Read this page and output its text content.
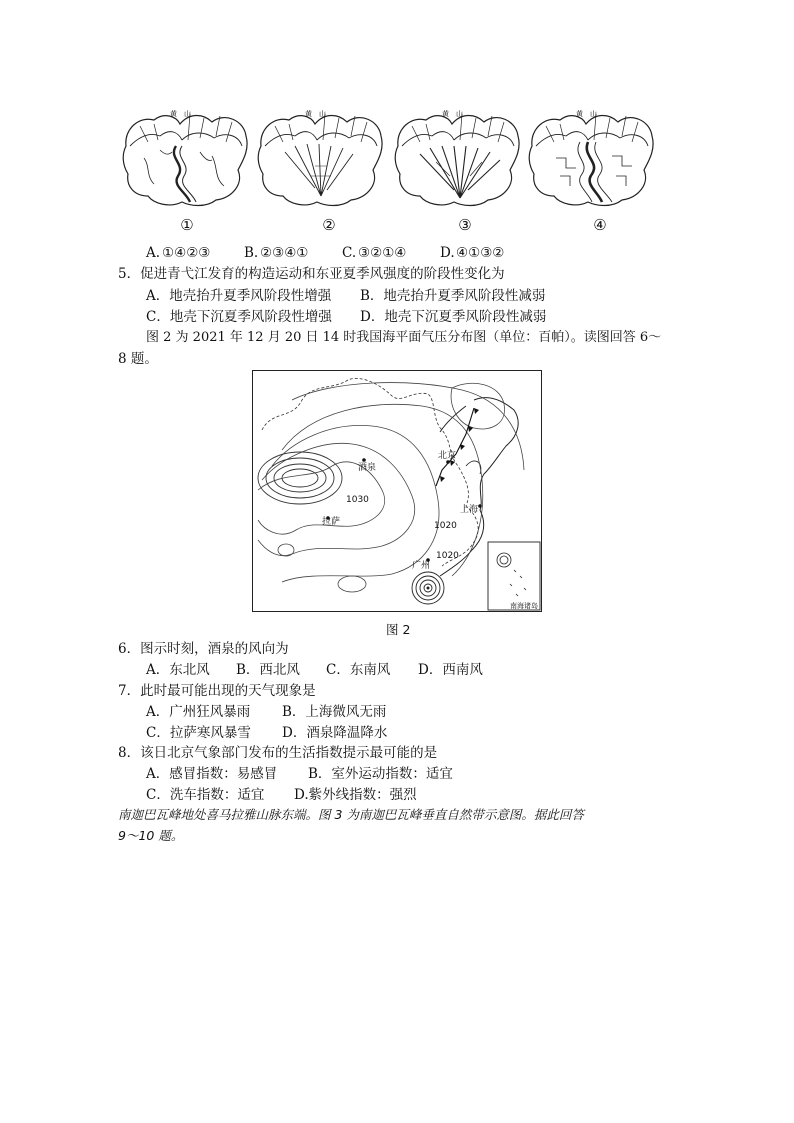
黄　山
①
黄　山
②
黄　山
③
黄　山
④
A. ①④②③ B. ②③④① C. ③②①④ D. ④①③②
5．促进青弋江发育的构造运动和东亚夏季风强度的阶段性变化为
A．地壳抬升夏季风阶段性增强 B．地壳抬升夏季风阶段性减弱
C．地壳下沉夏季风阶段性增强 D．地壳下沉夏季风阶段性减弱
图 2 为 2021 年 12 月 20 日 14 时我国海平面气压分布图（单位：百帕）。读图回答 6～
8 题。
南海诸岛
酒泉
北京
上海
拉萨
广州
1030
1020
1020
图 2
6．图示时刻，酒泉的风向为
A．东北风 B．西北风 C．东南风 D．西南风
7．此时最可能出现的天气现象是
A．广州狂风暴雨 B．上海微风无雨
C．拉萨寒风暴雪 D．酒泉降温降水
8．该日北京气象部门发布的生活指数提示最可能的是
A．感冒指数：易感冒 B．室外运动指数：适宜
C．洗车指数：适宜 D.紫外线指数：强烈
南迦巴瓦峰地处喜马拉雅山脉东端。图 3 为南迦巴瓦峰垂直自然带示意图。据此回答
9～10 题。
